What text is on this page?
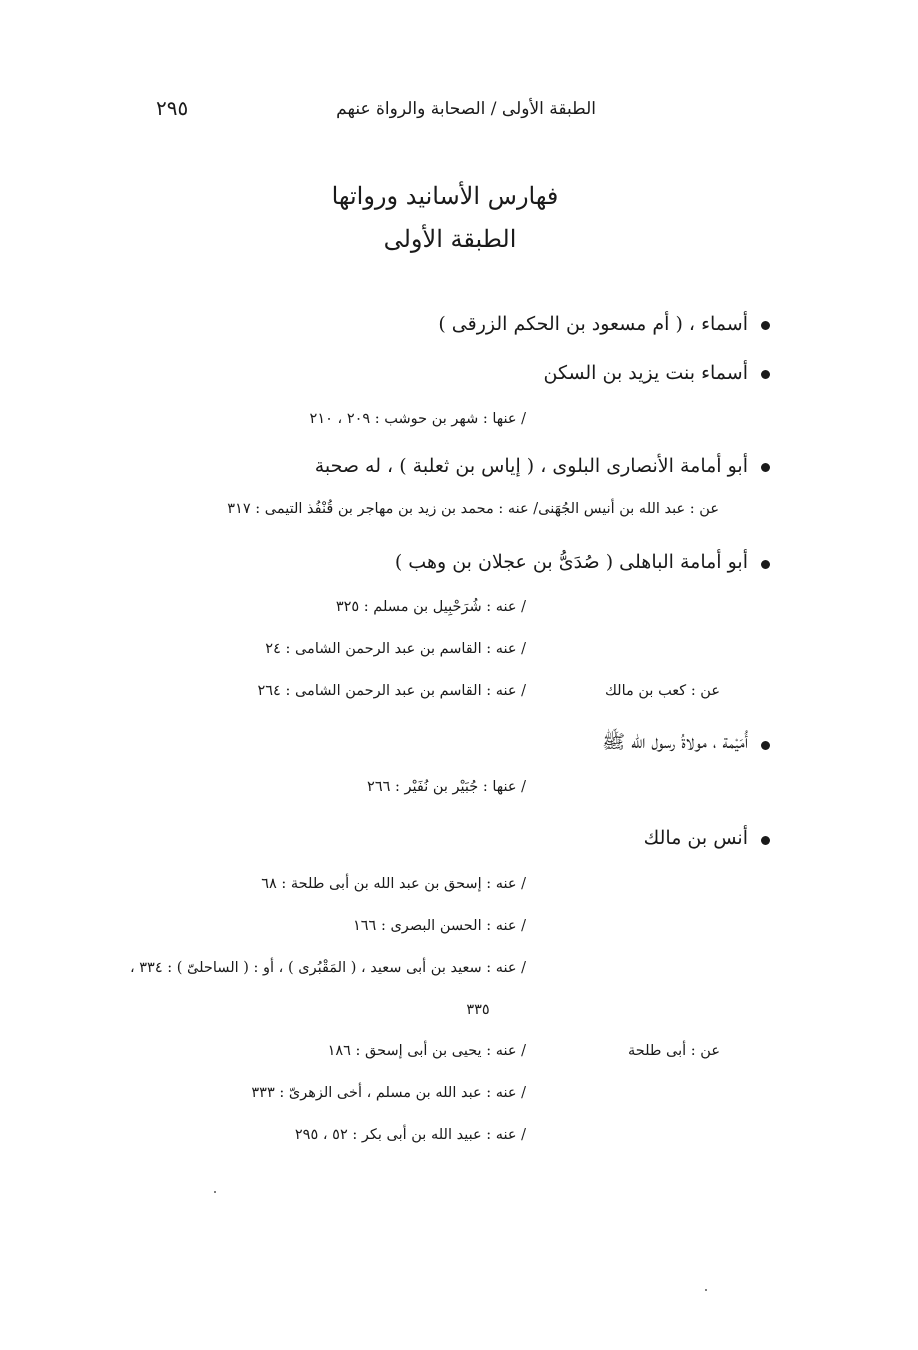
٢٩٥	الطبقة الأولى / الصحابة والرواة عنهم
فهارس الأسانيد ورواتها
الطبقة الأولى
أسماء ، ( أم مسعود بن الحكم الزرقى )
أسماء بنت يزيد بن السكن
/ عنها : شهر بن حوشب : ٢٠٩ ، ٢١٠
أبو أمامة الأنصارى البلوى ، ( إياس بن ثعلبة ) ، له صحبة
عن : عبد الله بن أنيس الجُهَنى/ عنه : محمد بن زيد بن مهاجر بن قُنْفُذ التيمى : ٣١٧
أبو أمامة الباهلى ( صُدَىُّ بن عجلان بن وهب )
/ عنه : شُرَحْبِيل بن مسلم : ٣٢٥
/ عنه : القاسم بن عبد الرحمن الشامى : ٢٤
عن : كعب بن مالك
/ عنه : القاسم بن عبد الرحمن الشامى : ٢٦٤
أُمَيْمة ، مولاةُ رسول الله ﷺ
/ عنها : جُبَيْر بن نُفَيْر : ٢٦٦
أنس بن مالك
/ عنه : إسحق بن عبد الله بن أبى طلحة : ٦٨
/ عنه : الحسن البصرى : ١٦٦
/ عنه : سعيد بن أبى سعيد ، ( المَقْبُرى ) ، أو : ( الساحلىّ ) : ٣٣٤ ،
٣٣٥
عن : أبى طلحة
/ عنه : يحيى بن أبى إسحق : ١٨٦
/ عنه : عبد الله بن مسلم ، أخى الزهرىّ : ٣٣٣
/ عنه : عبيد الله بن أبى بكر : ٥٢ ، ٢٩٥
